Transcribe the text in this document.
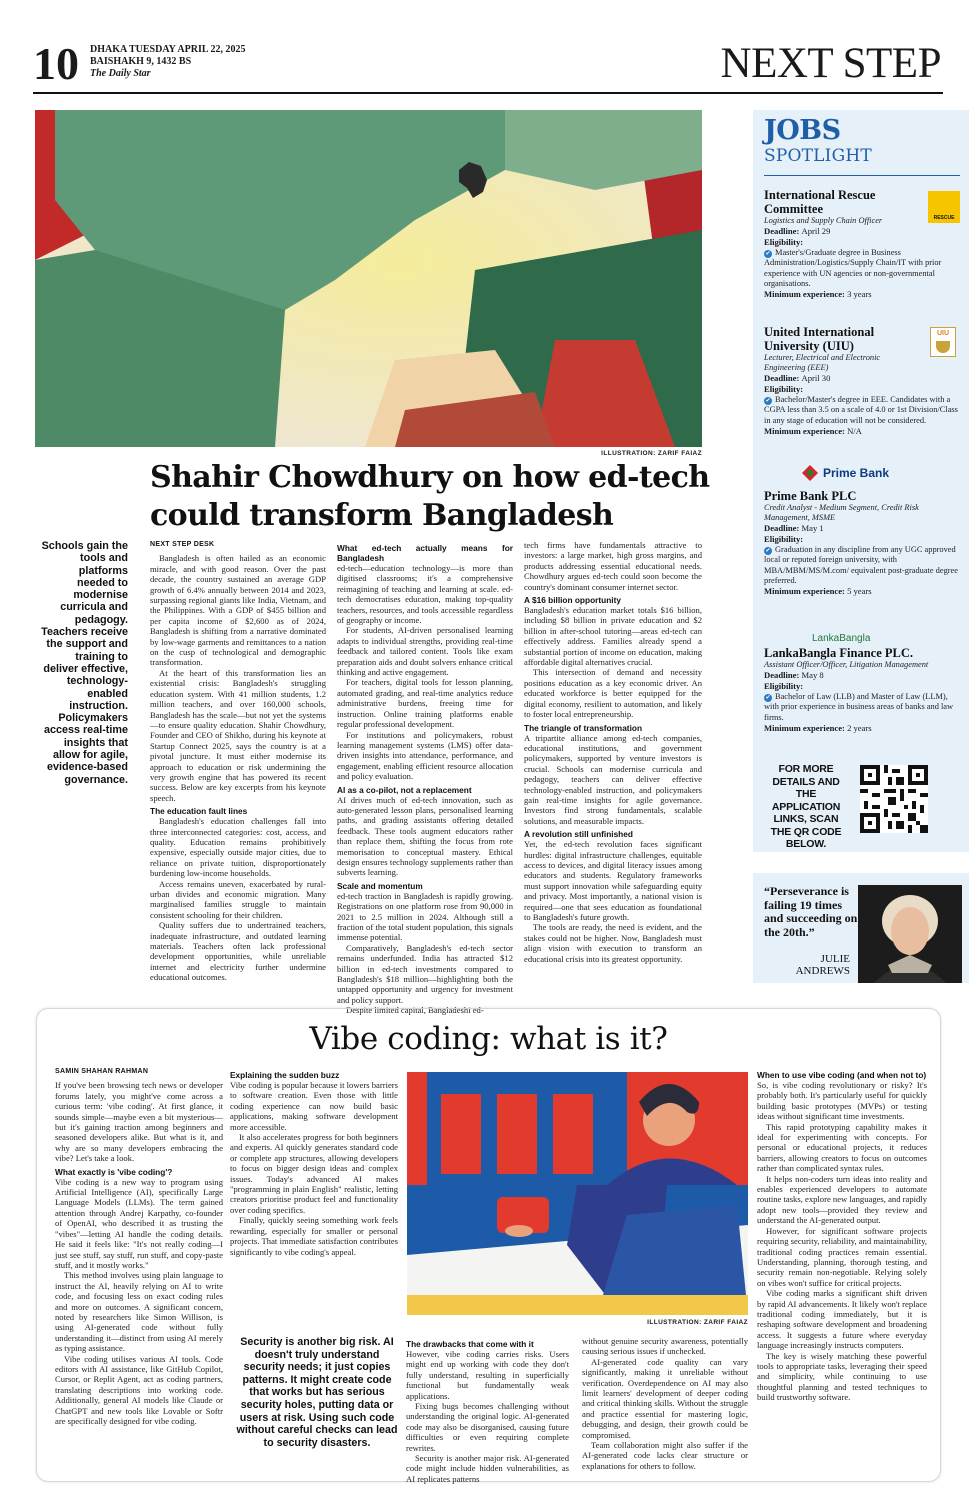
10 DHAKA TUESDAY APRIL 22, 2025
BAISHAKH 9, 1432 BS
The Daily Star	NEXT STEP
ILLUSTRATION: ZARIF FAIAZ
Shahir Chowdhury on how ed-tech
could transform Bangladesh
Schools gain the tools and platforms needed to modernise curricula and pedagogy. Teachers receive the support and training to deliver effective, technology-enabled instruction. Policymakers access real-time insights that allow for agile, evidence-based governance.
NEXT STEP DESK

Bangladesh is often hailed as an economic miracle, and with good reason. Over the past decade, the country sustained an average GDP growth of 6.4% annually between 2014 and 2023, surpassing regional giants like India, Vietnam, and the Philippines. With a GDP of $455 billion and per capita income of $2,600 as of 2024, Bangladesh is shifting from a narrative dominated by low-wage garments and remittances to a nation on the cusp of technological and demographic transformation.

At the heart of this transformation lies an existential crisis: Bangladesh's struggling education system. With 41 million students, 1.2 million teachers, and over 160,000 schools, Bangladesh has the scale—but not yet the systems—to ensure quality education. Shahir Chowdhury, Founder and CEO of Shikho, during his keynote at Startup Connect 2025, says the country is at a pivotal juncture. It must either modernise its approach to education or risk undermining the very growth engine that has powered its recent success. Below are key excerpts from his keynote speech.

The education fault lines

Bangladesh's education challenges fall into three interconnected categories: cost, access, and quality. Education remains prohibitively expensive, especially outside major cities, due to reliance on private tuition, disproportionately burdening low-income households.

Access remains uneven, exacerbated by rural-urban divides and economic migration. Many marginalised families struggle to maintain consistent schooling for their children.

Quality suffers due to undertrained teachers, inadequate infrastructure, and outdated learning materials. Teachers often lack professional development opportunities, while unreliable internet and electricity further undermine educational outcomes.

What ed-tech actually means for Bangladesh

ed-tech—education technology—is more than digitised classrooms; it's a comprehensive reimagining of teaching and learning at scale. ed-tech democratises education, making top-quality teachers, resources, and tools accessible regardless of geography or income.

For students, AI-driven personalised learning adapts to individual strengths, providing real-time feedback and tailored content. Tools like exam preparation aids and doubt solvers enhance critical thinking and active engagement.

For teachers, digital tools for lesson planning, automated grading, and real-time analytics reduce administrative burdens, freeing time for instruction. Online training platforms enable regular professional development.

For institutions and policymakers, robust learning management systems (LMS) offer data-driven insights into attendance, performance, and engagement, enabling efficient resource allocation and policy evaluation.

AI as a co-pilot, not a replacement

AI drives much of ed-tech innovation, such as auto-generated lesson plans, personalised learning paths, and grading assistants offering detailed feedback. These tools augment educators rather than replace them, shifting the focus from rote memorisation to conceptual mastery. Ethical design ensures technology supplements rather than subverts learning.

Scale and momentum

ed-tech traction in Bangladesh is rapidly growing. Registrations on one platform rose from 90,000 in 2021 to 2.5 million in 2024. Although still a fraction of the total student population, this signals immense potential.

Comparatively, Bangladesh's ed-tech sector remains underfunded. India has attracted $12 billion in ed-tech investments compared to Bangladesh's $18 million—highlighting both the untapped opportunity and urgency for investment and policy support.

Despite limited capital, Bangladeshi ed-

tech firms have fundamentals attractive to investors: a large market, high gross margins, and products addressing essential educational needs. Chowdhury argues ed-tech could soon become the country's dominant consumer internet sector.

A $16 billion opportunity

Bangladesh's education market totals $16 billion, including $8 billion in private education and $2 billion in after-school tutoring—areas ed-tech can effectively address. Families already spend a substantial portion of income on education, making affordable digital alternatives crucial.

This intersection of demand and necessity positions education as a key economic driver. An educated workforce is better equipped for the digital economy, resilient to automation, and likely to foster local entrepreneurship.

The triangle of transformation

A tripartite alliance among ed-tech companies, educational institutions, and government policymakers, supported by venture investors is crucial. Schools can modernise curricula and pedagogy, teachers can deliver effective technology-enabled instruction, and policymakers gain real-time insights for agile governance. Investors find strong fundamentals, scalable solutions, and measurable impacts.

A revolution still unfinished

Yet, the ed-tech revolution faces significant hurdles: digital infrastructure challenges, equitable access to devices, and digital literacy issues among educators and students. Regulatory frameworks must support innovation while safeguarding equity and privacy. Most importantly, a national vision is required—one that sees education as foundational to Bangladesh's future growth.

The tools are ready, the need is evident, and the stakes could not be higher. Now, Bangladesh must align vision with execution to transform an educational crisis into its greatest opportunity.

JOBS
SPOTLIGHT
RESCUE
International Rescue Committee
Logistics and Supply Chain Officer
Deadline: April 29
Eligibility:
✔ Master's/Graduate degree in Business Administration/Logistics/Supply Chain/IT with prior experience with UN agencies or non-governmental organisations.
Minimum experience: 3 years
UIU
United International University (UIU)
Lecturer, Electrical and Electronic Engineering (EEE)
Deadline: April 30
Eligibility:
✔ Bachelor/Master's degree in EEE. Candidates with a CGPA less than 3.5 on a scale of 4.0 or 1st Division/Class in any stage of education will not be considered.
Minimum experience: N/A
Prime Bank
Prime Bank PLC
Credit Analyst - Medium Segment, Credit Risk Management, MSME
Deadline: May 1
Eligibility:
✔ Graduation in any discipline from any UGC approved local or reputed foreign university, with MBA/MBM/MS/M.com/ equivalent post-graduate degree preferred.
Minimum experience: 5 years
LankaBangla
LankaBangla Finance PLC.
Assistant Officer/Officer, Litigation Management
Deadline: May 8
Eligibility:
✔ Bachelor of Law (LLB) and Master of Law (LLM), with prior experience in business areas of banks and law firms.
Minimum experience: 2 years
FOR MORE DETAILS AND THE APPLICATION LINKS, SCAN THE QR CODE BELOW.
“Perseverance is failing 19 times and succeeding on the 20th.”
JULIE
ANDREWS
Vibe coding: what is it?
ILLUSTRATION: ZARIF FAIAZ
SAMIN SHAHAN RAHMAN

If you've been browsing tech news or developer forums lately, you might've come across a curious term: 'vibe coding'. At first glance, it sounds simple—maybe even a bit mysterious—but it's gaining traction among beginners and seasoned developers alike. But what is it, and why are so many developers embracing the vibe? Let's take a look.

What exactly is 'vibe coding'?

Vibe coding is a new way to program using Artificial Intelligence (AI), specifically Large Language Models (LLMs). The term gained attention through Andrej Karpathy, co-founder of OpenAI, who described it as trusting the "vibes"—letting AI handle the coding details. He said it feels like: "It's not really coding—I just see stuff, say stuff, run stuff, and copy-paste stuff, and it mostly works."

This method involves using plain language to instruct the AI, heavily relying on AI to write code, and focusing less on exact coding rules and more on outcomes. A significant concern, noted by researchers like Simon Willison, is using AI-generated code without fully understanding it—distinct from using AI merely as typing assistance.

Vibe coding utilises various AI tools. Code editors with AI assistance, like GitHub Copilot, Cursor, or Replit Agent, act as coding partners, translating descriptions into working code. Additionally, general AI models like Claude or ChatGPT and new tools like Lovable or Softr are specifically designed for vibe coding.

Explaining the sudden buzz

Vibe coding is popular because it lowers barriers to software creation. Even those with little coding experience can now build basic applications, making software development more accessible.

It also accelerates progress for both beginners and experts. AI quickly generates standard code or complete app structures, allowing developers to focus on bigger design ideas and complex issues. Today's advanced AI makes "programming in plain English" realistic, letting creators prioritise product feel and functionality over coding specifics.

Finally, quickly seeing something work feels rewarding, especially for smaller or personal projects. That immediate satisfaction contributes significantly to vibe coding's appeal.

Security is another big risk. AI doesn't truly understand security needs; it just copies patterns. It might create code that works but has serious security holes, putting data or users at risk. Using such code without careful checks can lead to security disasters.
The drawbacks that come with it

However, vibe coding carries risks. Users might end up working with code they don't fully understand, resulting in superficially functional but fundamentally weak applications.

Fixing bugs becomes challenging without understanding the original logic. AI-generated code may also be disorganised, causing future difficulties or even requiring complete rewrites.

Security is another major risk. AI-generated code might include hidden vulnerabilities, as AI replicates patterns

without genuine security awareness, potentially causing serious issues if unchecked.

AI-generated code quality can vary significantly, making it unreliable without verification. Overdependence on AI may also limit learners' development of deeper coding and critical thinking skills. Without the struggle and practice essential for mastering logic, debugging, and design, their growth could be compromised.

Team collaboration might also suffer if the AI-generated code lacks clear structure or explanations for others to follow.

When to use vibe coding (and when not to)

So, is vibe coding revolutionary or risky? It's probably both. It's particularly useful for quickly building basic prototypes (MVPs) or testing ideas without significant time investments.

This rapid prototyping capability makes it ideal for experimenting with concepts. For personal or educational projects, it reduces barriers, allowing creators to focus on outcomes rather than complicated syntax rules.

It helps non-coders turn ideas into reality and enables experienced developers to automate routine tasks, explore new languages, and rapidly adopt new tools—provided they review and understand the AI-generated output.

However, for significant software projects requiring security, reliability, and maintainability, traditional coding practices remain essential. Understanding, planning, thorough testing, and security remain non-negotiable. Relying solely on vibes won't suffice for critical projects.

Vibe coding marks a significant shift driven by rapid AI advancements. It likely won't replace traditional coding immediately, but it is reshaping software development and broadening access. It suggests a future where everyday language increasingly instructs computers.

The key is wisely matching these powerful tools to appropriate tasks, leveraging their speed and simplicity, while continuing to use thoughtful planning and tested techniques to build trustworthy software.
